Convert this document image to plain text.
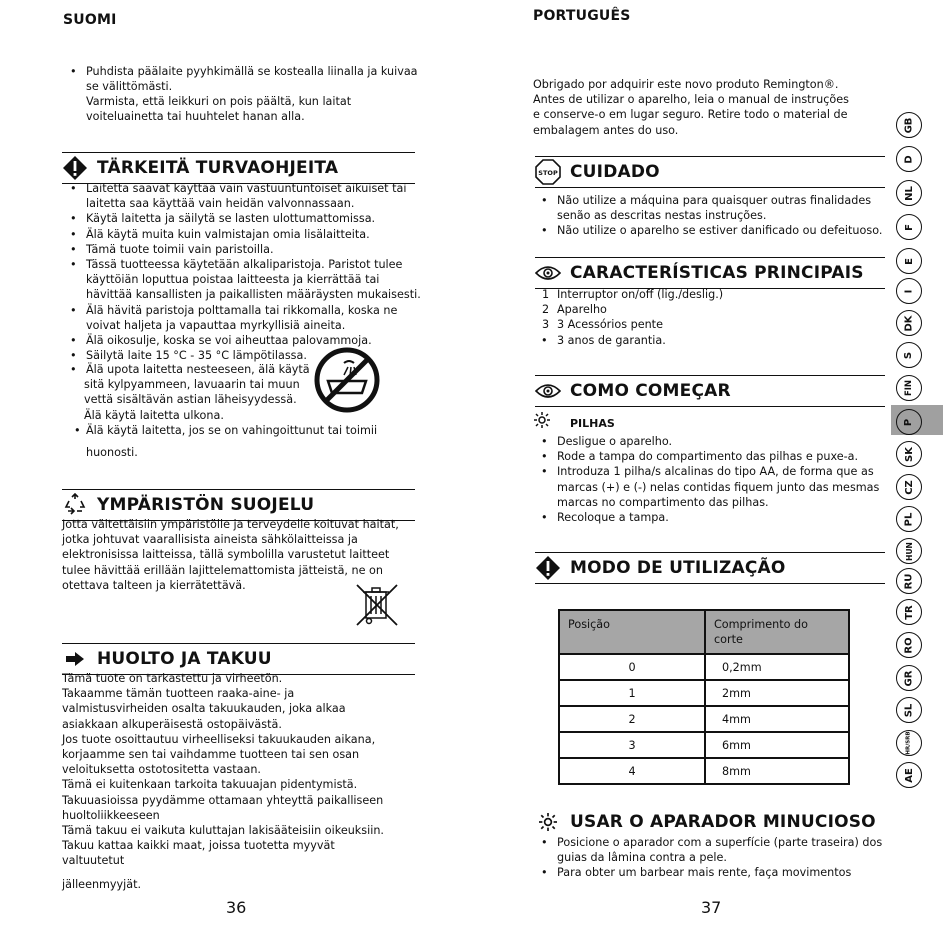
SUOMI
• Puhdista päälaite pyyhkimällä se kostealla liinalla ja kuivaa se välittömästi.
Varmista, että leikkuri on pois päältä, kun laitat
voiteluainetta tai huuhtelet hanan alla.
TÄRKEITÄ TURVAOHJEITA
• Laitetta saavat käyttää vain vastuuntuntoiset aikuiset tai laitetta saa käyttää vain heidän valvonnassaan.
• Käytä laitetta ja säilytä se lasten ulottumattomissa.
• Älä käytä muita kuin valmistajan omia lisälaitteita.
• Tämä tuote toimii vain paristoilla.
• Tässä tuotteessa käytetään alkaliparistoja. Paristot tulee käyttöiän loputtua poistaa laitteesta ja kierrättää tai hävittää kansallisten ja paikallisten määräysten mukaisesti.
• Älä hävitä paristoja polttamalla tai rikkomalla, koska ne voivat haljeta ja vapauttaa myrkyllisiä aineita.
• Älä oikosulje, koska se voi aiheuttaa palovammoja.
• Säilytä laite 15 °C - 35 °C lämpötilassa.
• Älä upota laitetta nesteeseen, älä käytä
sitä kylpyammeen, lavuaarin tai muun
vettä sisältävän astian läheisyydessä.
Älä käytä laitetta ulkona.
• Älä käytä laitetta, jos se on vahingoittunut tai toimii
huonosti.
YMPÄRISTÖN SUOJELU
Jotta vältettäisiin ympäristölle ja terveydelle koituvat haitat, jotka johtuvat vaarallisista aineista sähkölaitteissa ja elektronisissa laitteissa, tällä symbolilla varustetut laitteet tulee hävittää erillään lajittelemattomista jätteistä, ne on otettava talteen ja kierrätettävä.
HUOLTO JA TAKUU
Tämä tuote on tarkastettu ja virheetön.
Takaamme tämän tuotteen raaka-aine- ja valmistusvirheiden osalta takuukauden, joka alkaa asiakkaan alkuperäisestä ostopäivästä.
Jos tuote osoittautuu virheelliseksi takuukauden aikana, korjaamme sen tai vaihdamme tuotteen tai sen osan veloituksetta ostotositetta vastaan.
Tämä ei kuitenkaan tarkoita takuuajan pidentymistä.
Takuuasioissa pyydämme ottamaan yhteyttä paikalliseen huoltoliikkeeseen
Tämä takuu ei vaikuta kuluttajan lakisääteisiin oikeuksiin.
Takuu kattaa kaikki maat, joissa tuotetta myyvät valtuutetut
jälleenmyyjät.
36
PORTUGUÊS
Obrigado por adquirir este novo produto Remington®. Antes de utilizar o aparelho, leia o manual de instruções e conserve-o em lugar seguro. Retire todo o material de embalagem antes do uso.
STOP CUIDADO
• Não utilize a máquina para quaisquer outras finalidades senão as descritas nestas instruções.
• Não utilize o aparelho se estiver danificado ou defeituoso.
CARACTERÍSTICAS PRINCIPAIS
1 Interruptor on/off (lig./deslig.)
2 Aparelho
3 3 Acessórios pente
• 3 anos de garantia.
COMO COMEÇAR
PILHAS
• Desligue o aparelho.
• Rode a tampa do compartimento das pilhas e puxe-a.
• Introduza 1 pilha/s alcalinas do tipo AA, de forma que as marcas (+) e (-) nelas contidas fiquem junto das mesmas marcas no compartimento das pilhas.
• Recoloque a tampa.
MODO DE UTILIZAÇÃO
Posição	Comprimento do corte
0	0,2mm
1	2mm
2	4mm
3	6mm
4	8mm
USAR O APARADOR MINUCIOSO
• Posicione o aparador com a superfície (parte traseira) dos guias da lâmina contra a pele.
• Para obter um barbear mais rente, faça movimentos
37
GB
D
NL
F
E
I
DK
S
FIN
P
SK
CZ
PL
HUN
RU
TR
RO
GR
SL
HR/SRB
AE
